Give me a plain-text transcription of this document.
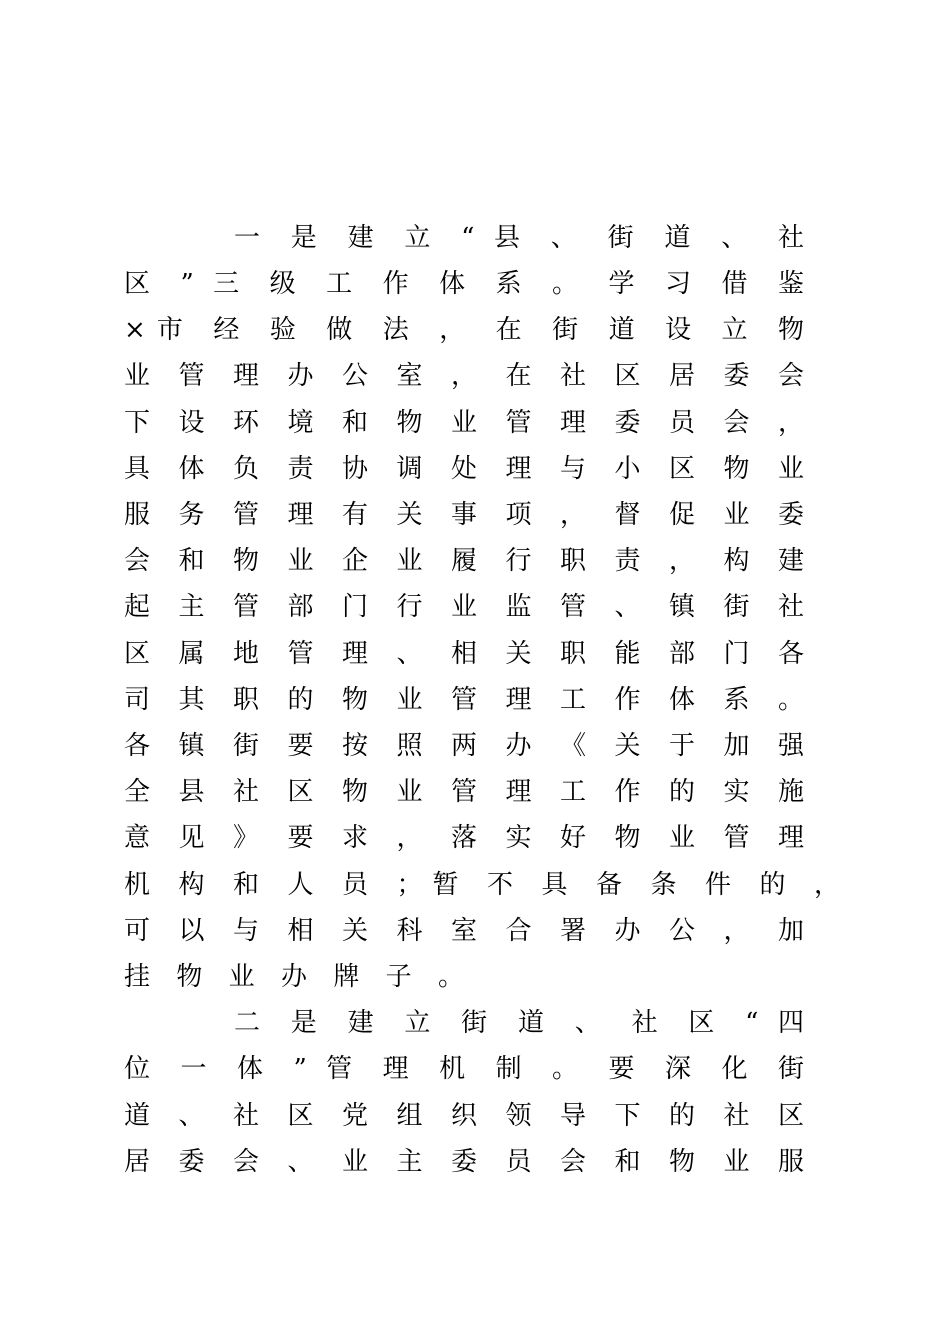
一 是 建 立 “ 县 、 街 道 、 社
区 ” 三 级 工 作 体 系 。 学 习 借 鉴
×市 经 验 做 法 ， 在 街 道 设 立 物
业 管 理 办 公 室 ， 在 社 区 居 委 会
下 设 环 境 和 物 业 管 理 委 员 会 ，
具 体 负 责 协 调 处 理 与 小 区 物 业
服 务 管 理 有 关 事 项 ， 督 促 业 委
会 和 物 业 企 业 履 行 职 责 ， 构 建
起 主 管 部 门 行 业 监 管 、 镇 街 社
区 属 地 管 理 、 相 关 职 能 部 门 各
司 其 职 的 物 业 管 理 工 作 体 系 。
各 镇 街 要 按 照 两 办 《 关 于 加 强
全 县 社 区 物 业 管 理 工 作 的 实 施
意 见 》 要 求 ， 落 实 好 物 业 管 理
机 构 和 人 员 ；暂 不 具 备 条 件 的 ，
可 以 与 相 关 科 室 合 署 办 公 ， 加
挂 物 业 办 牌 子 。
二 是 建 立 街 道 、 社 区 “ 四
位 一 体 ” 管 理 机 制 。 要 深 化 街
道 、 社 区 党 组 织 领 导 下 的 社 区
居 委 会 、 业 主 委 员 会 和 物 业 服
